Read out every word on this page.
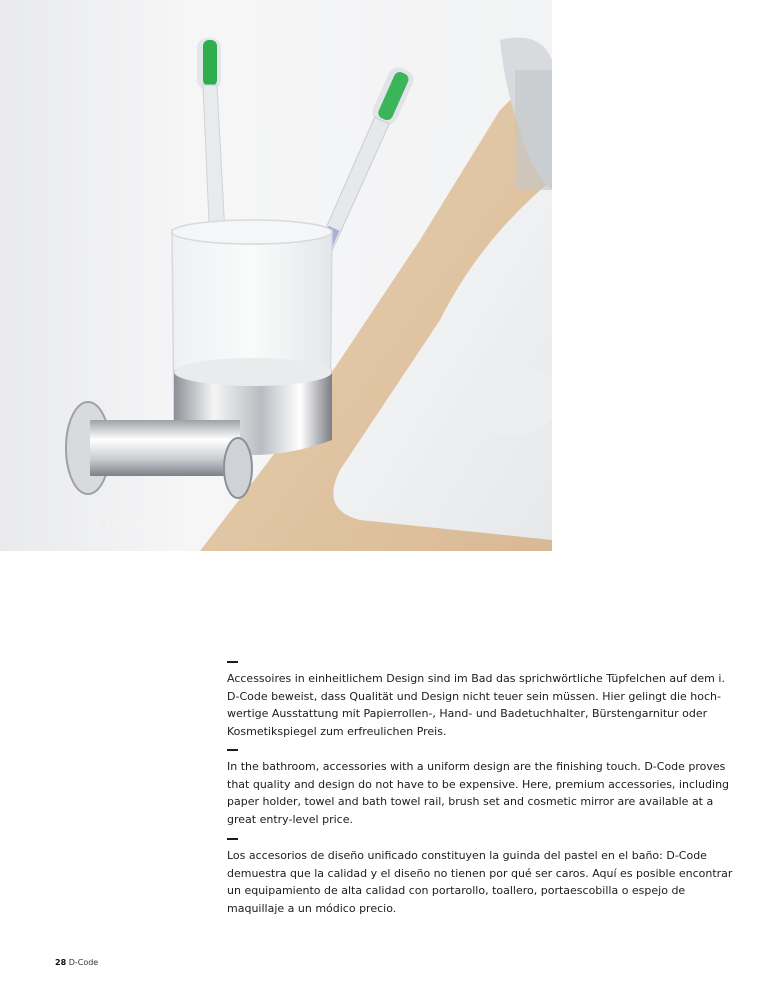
# 009920

Accessoires in einheitlichem Design sind im Bad das sprichwörtliche Tüpfelchen auf dem i. D-Code beweist, dass Qualität und Design nicht teuer sein müssen. Hier gelingt die hochwertige Ausstattung mit Papierrollen-, Hand- und Badetuchhalter, Bürstengarnitur oder Kosmetikspiegel zum erfreulichen Preis.

In the bathroom, accessories with a uniform design are the finishing touch. D-Code proves that quality and design do not have to be expensive. Here, premium accessories, including paper holder, towel and bath towel rail, brush set and cosmetic mirror are available at a great entry-level price.

Los accesorios de diseño unificado constituyen la guinda del pastel en el baño: D-Code demuestra que la calidad y el diseño no tienen por qué ser caros. Aquí es posible encontrar un equipamiento de alta calidad con portarollo, toallero, portaescobilla o espejo de maquillaje a un módico precio.

28 D-Code
